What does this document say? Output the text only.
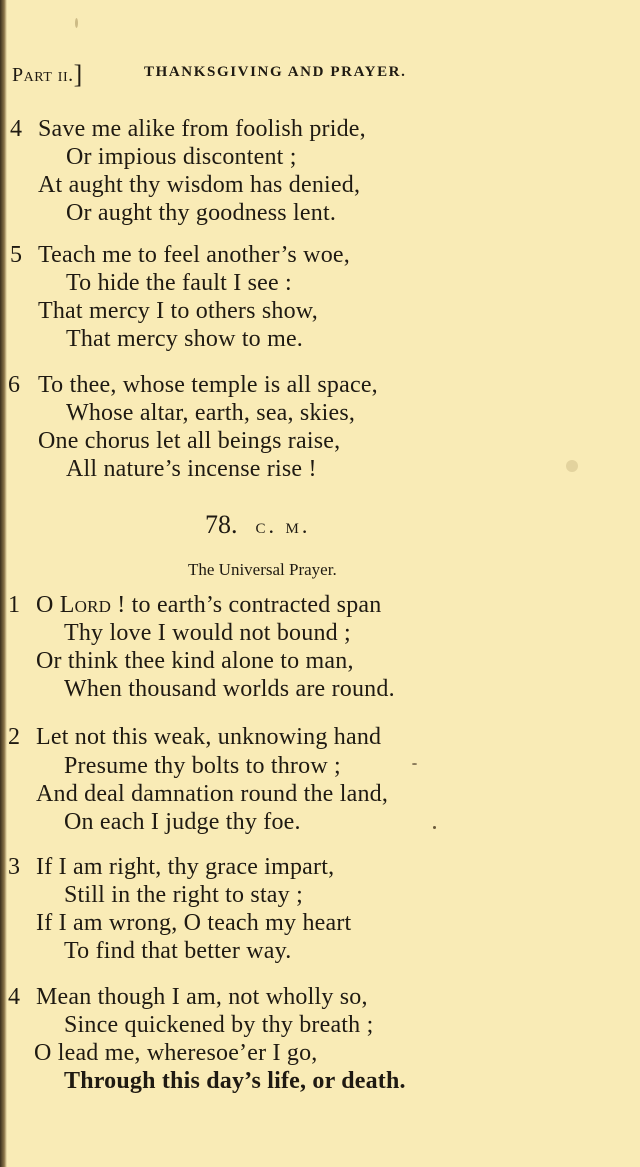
Part ii.]	THANKSGIVING AND PRAYER.
4 Save me alike from foolish pride,
Or impious discontent ;
At aught thy wisdom has denied,
Or aught thy goodness lent.
5 Teach me to feel another’s woe,
To hide the fault I see :
That mercy I to others show,
That mercy show to me.
6 To thee, whose temple is all space,
Whose altar, earth, sea, skies,
One chorus let all beings raise,
All nature’s incense rise !
78. c. m.
The Universal Prayer.
1 O Lord ! to earth’s contracted span
Thy love I would not bound ;
Or think thee kind alone to man,
When thousand worlds are round.
2 Let not this weak, unknowing hand
Presume thy bolts to throw ;
And deal damnation round the land,
On each I judge thy foe.
3 If I am right, thy grace impart,
Still in the right to stay ;
If I am wrong, O teach my heart
To find that better way.
4 Mean though I am, not wholly so,
Since quickened by thy breath ;
O lead me, wheresoe’er I go,
Through this day’s life, or death.
